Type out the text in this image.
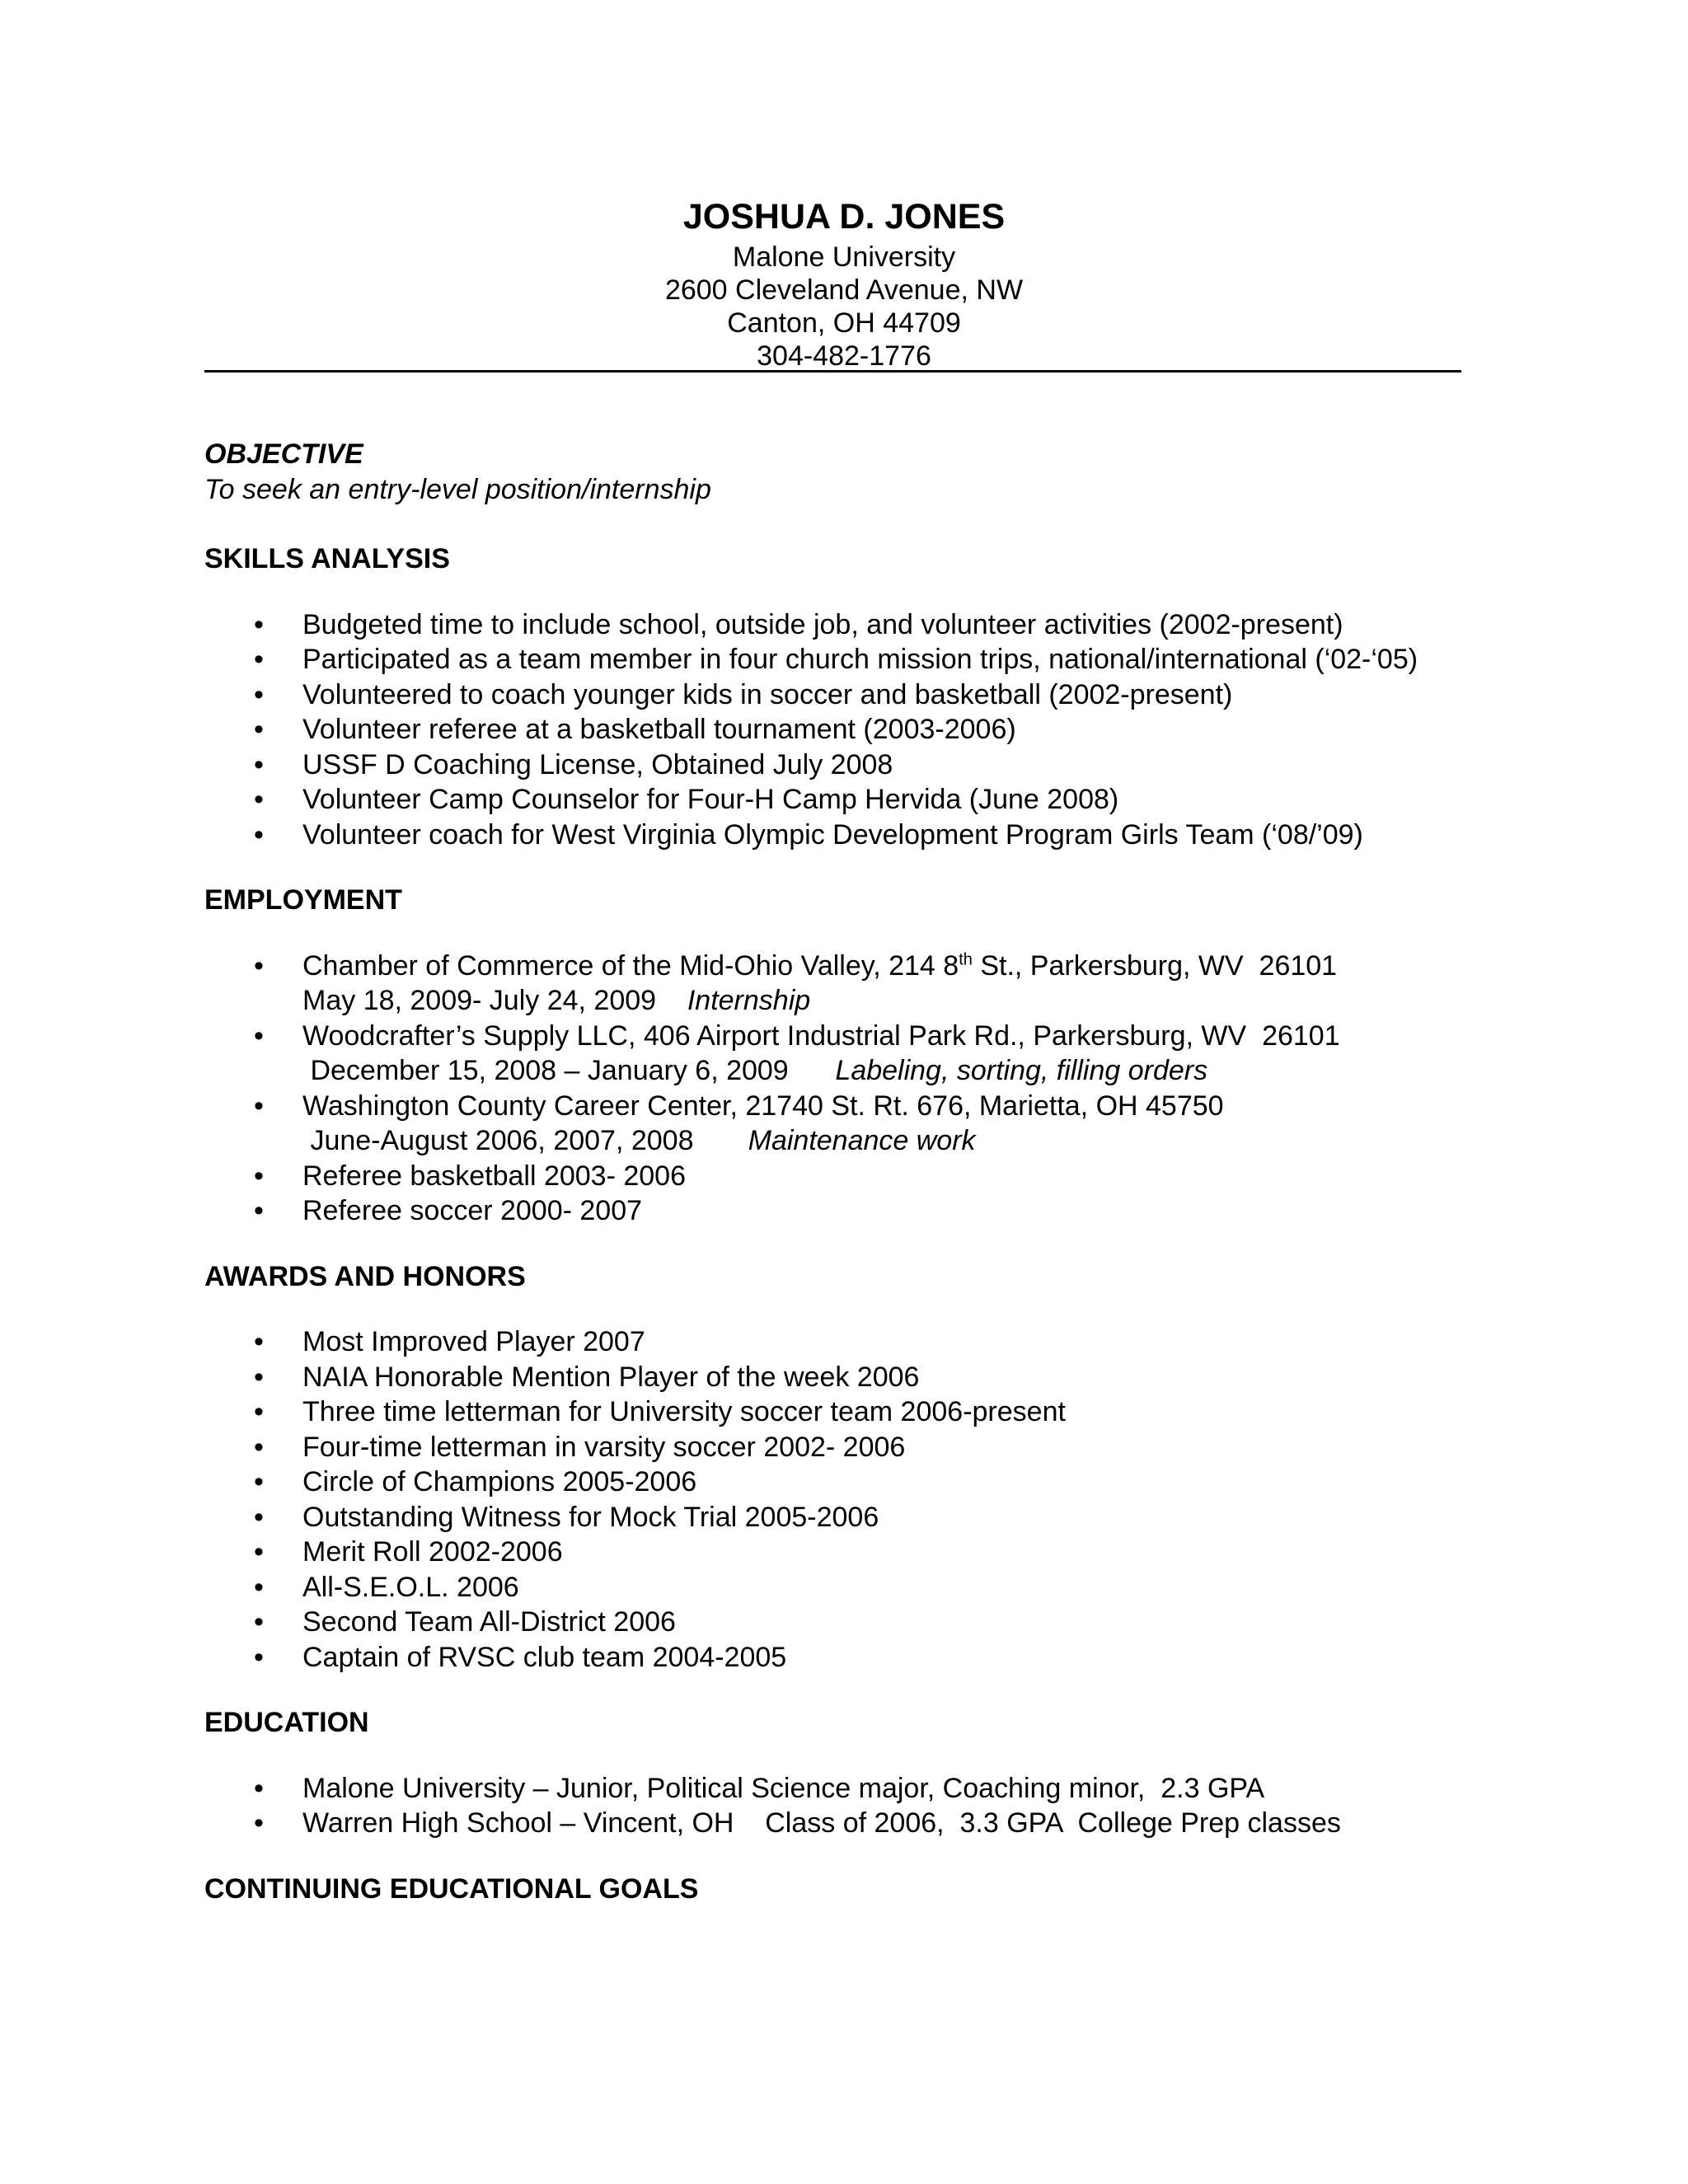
JOSHUA D. JONES
Malone University
2600 Cleveland Avenue, NW
Canton, OH 44709
304-482-1776

OBJECTIVE

To seek an entry-level position/internship

SKILLS ANALYSIS

• Budgeted time to include school, outside job, and volunteer activities (2002-present)
• Participated as a team member in four church mission trips, national/international (‘02-‘05)
• Volunteered to coach younger kids in soccer and basketball (2002-present)
• Volunteer referee at a basketball tournament (2003-2006)
• USSF D Coaching License, Obtained July 2008
• Volunteer Camp Counselor for Four-H Camp Hervida (June 2008)
• Volunteer coach for West Virginia Olympic Development Program Girls Team (‘08/’09)

EMPLOYMENT

• Chamber of Commerce of the Mid-Ohio Valley, 214 8th St., Parkersburg, WV  26101
May 18, 2009- July 24, 2009    Internship
• Woodcrafter’s Supply LLC, 406 Airport Industrial Park Rd., Parkersburg, WV  26101
December 15, 2008 – January 6, 2009      Labeling, sorting, filling orders
• Washington County Career Center, 21740 St. Rt. 676, Marietta, OH 45750
June-August 2006, 2007, 2008       Maintenance work
• Referee basketball 2003- 2006
• Referee soccer 2000- 2007

AWARDS AND HONORS

• Most Improved Player 2007
• NAIA Honorable Mention Player of the week 2006
• Three time letterman for University soccer team 2006-present
• Four-time letterman in varsity soccer 2002- 2006
• Circle of Champions 2005-2006
• Outstanding Witness for Mock Trial 2005-2006
• Merit Roll 2002-2006
• All-S.E.O.L. 2006
• Second Team All-District 2006
• Captain of RVSC club team 2004-2005

EDUCATION

• Malone University – Junior, Political Science major, Coaching minor,  2.3 GPA
• Warren High School – Vincent, OH    Class of 2006,  3.3 GPA  College Prep classes

CONTINUING EDUCATIONAL GOALS
